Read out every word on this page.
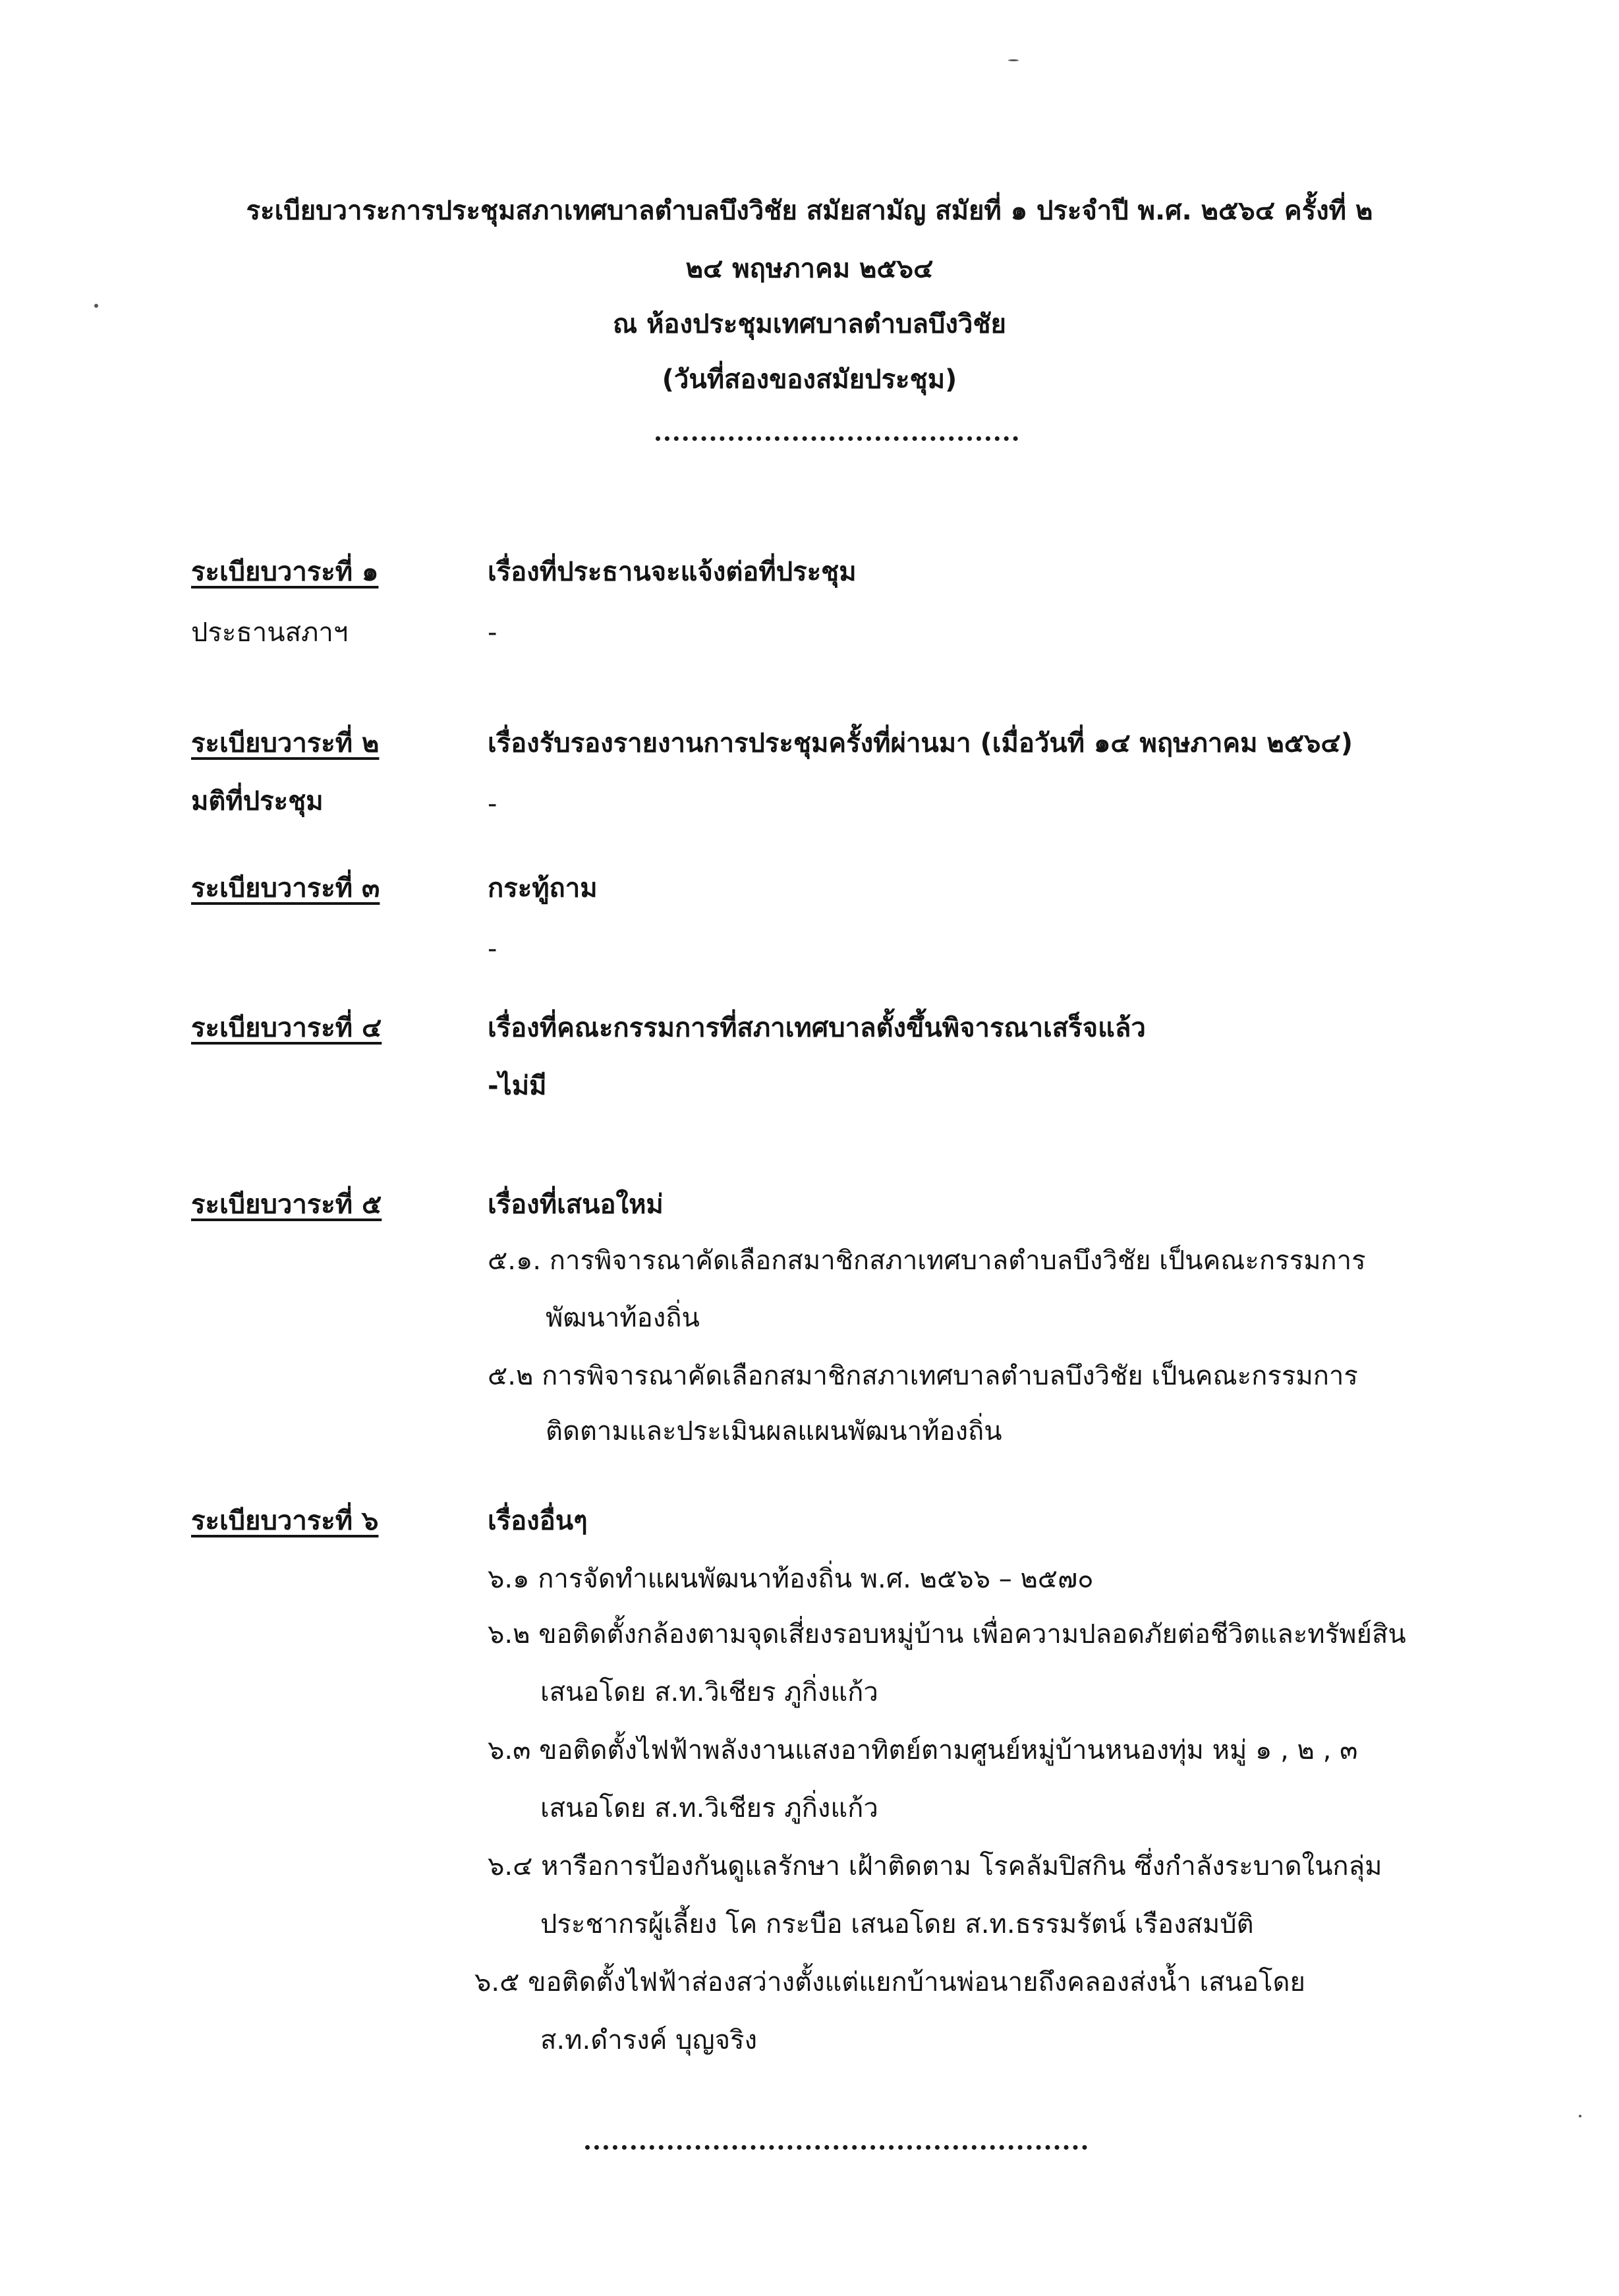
ระเบียบวาระการประชุมสภาเทศบาลตำบลบึงวิชัย สมัยสามัญ สมัยที่ ๑ ประจำปี พ.ศ. ๒๕๖๔ ครั้งที่ ๒
๒๔ พฤษภาคม ๒๕๖๔
ณ ห้องประชุมเทศบาลตำบลบึงวิชัย
(วันที่สองของสมัยประชุม)
ระเบียบวาระที่ ๑	เรื่องที่ประธานจะแจ้งต่อที่ประชุม
ประธานสภาฯ	-
ระเบียบวาระที่ ๒	เรื่องรับรองรายงานการประชุมครั้งที่ผ่านมา (เมื่อวันที่ ๑๔ พฤษภาคม ๒๕๖๔)
มติที่ประชุม	-
ระเบียบวาระที่ ๓	กระทู้ถาม
-
ระเบียบวาระที่ ๔	เรื่องที่คณะกรรมการที่สภาเทศบาลตั้งขึ้นพิจารณาเสร็จแล้ว
-ไม่มี
ระเบียบวาระที่ ๕	เรื่องที่เสนอใหม่
๕.๑. การพิจารณาคัดเลือกสมาชิกสภาเทศบาลตำบลบึงวิชัย เป็นคณะกรรมการ
พัฒนาท้องถิ่น
๕.๒ การพิจารณาคัดเลือกสมาชิกสภาเทศบาลตำบลบึงวิชัย เป็นคณะกรรมการ
ติดตามและประเมินผลแผนพัฒนาท้องถิ่น
ระเบียบวาระที่ ๖	เรื่องอื่นๆ
๖.๑ การจัดทำแผนพัฒนาท้องถิ่น พ.ศ. ๒๕๖๖ – ๒๕๗๐
๖.๒ ขอติดตั้งกล้องตามจุดเสี่ยงรอบหมู่บ้าน เพื่อความปลอดภัยต่อชีวิตและทรัพย์สิน
เสนอโดย ส.ท.วิเชียร ภูกิ่งแก้ว
๖.๓ ขอติดตั้งไฟฟ้าพลังงานแสงอาทิตย์ตามศูนย์หมู่บ้านหนองทุ่ม หมู่ ๑ , ๒ , ๓
เสนอโดย ส.ท.วิเชียร ภูกิ่งแก้ว
๖.๔ หารือการป้องกันดูแลรักษา เฝ้าติดตาม โรคลัมปิสกิน ซึ่งกำลังระบาดในกลุ่ม
ประชากรผู้เลี้ยง โค กระบือ เสนอโดย ส.ท.ธรรมรัตน์ เรืองสมบัติ
๖.๕ ขอติดตั้งไฟฟ้าส่องสว่างตั้งแต่แยกบ้านพ่อนายถึงคลองส่งน้ำ เสนอโดย
ส.ท.ดำรงค์ บุญจริง
